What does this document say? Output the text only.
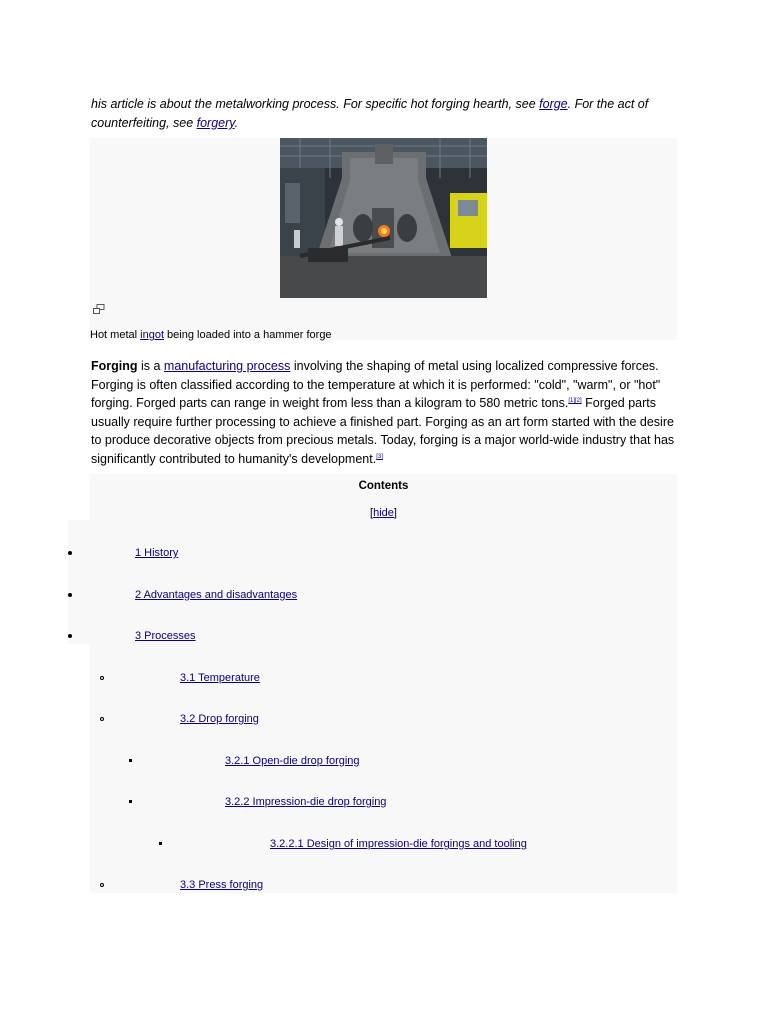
his article is about the metalworking process. For specific hot forging hearth, see forge. For the act of counterfeiting, see forgery.
Hot metal ingot being loaded into a hammer forge
Forging is a manufacturing process involving the shaping of metal using localized compressive forces. Forging is often classified according to the temperature at which it is performed: "cold", "warm", or "hot" forging. Forged parts can range in weight from less than a kilogram to 580 metric tons.[1][2] Forged parts usually require further processing to achieve a finished part. Forging as an art form started with the desire to produce decorative objects from precious metals. Today, forging is a major world-wide industry that has significantly contributed to humanity's development.[3]
Contents
[hide]
1 History
2 Advantages and disadvantages
3 Processes
3.1 Temperature
3.2 Drop forging
3.2.1 Open-die drop forging
3.2.2 Impression-die drop forging
3.2.2.1 Design of impression-die forgings and tooling
3.3 Press forging
